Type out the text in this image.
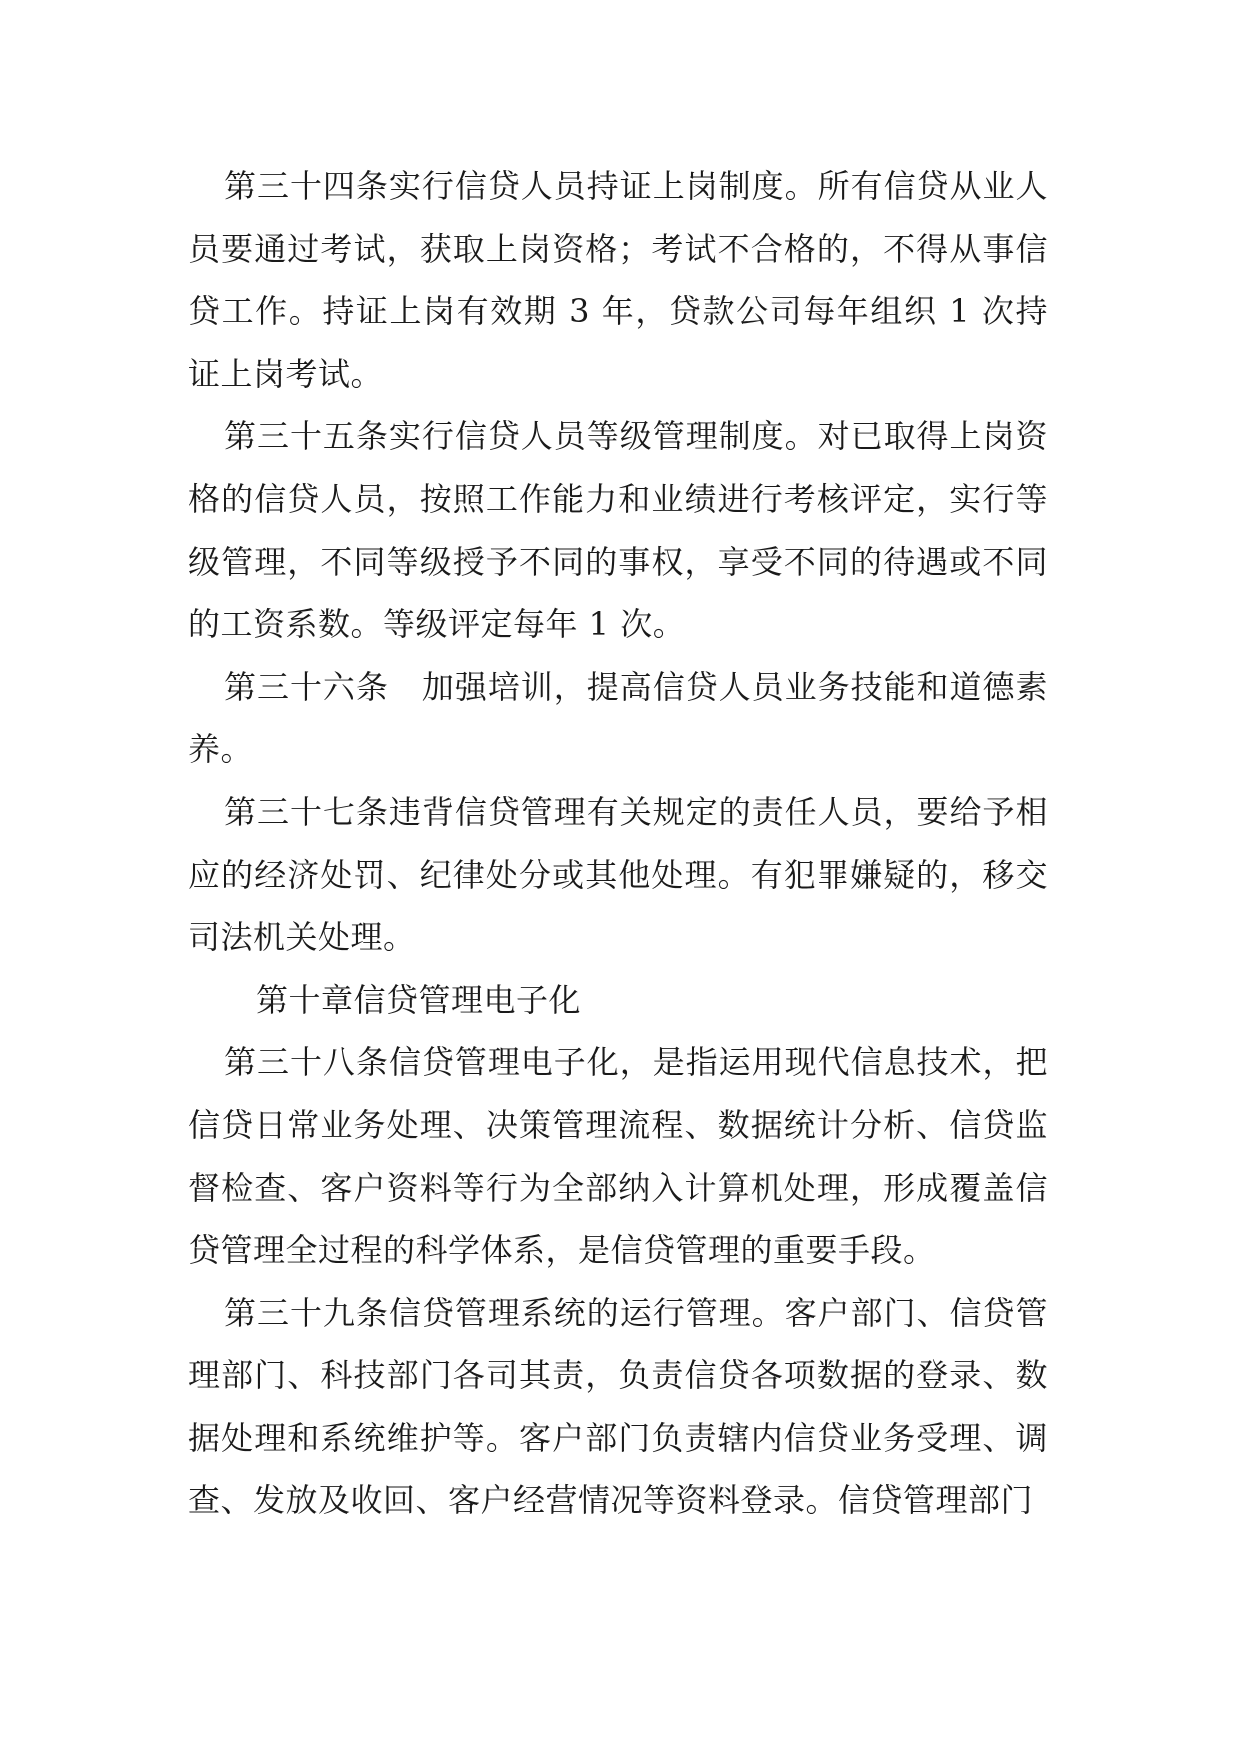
第三十四条实行信贷人员持证上岗制度。所有信贷从业人员要通过考试，获取上岗资格；考试不合格的，不得从事信贷工作。持证上岗有效期 3 年，贷款公司每年组织 1 次持证上岗考试。

第三十五条实行信贷人员等级管理制度。对已取得上岗资格的信贷人员，按照工作能力和业绩进行考核评定，实行等级管理，不同等级授予不同的事权，享受不同的待遇或不同的工资系数。等级评定每年 1 次。

第三十六条　加强培训，提高信贷人员业务技能和道德素养。

第三十七条违背信贷管理有关规定的责任人员，要给予相应的经济处罚、纪律处分或其他处理。有犯罪嫌疑的，移交司法机关处理。

第十章信贷管理电子化

第三十八条信贷管理电子化，是指运用现代信息技术，把信贷日常业务处理、决策管理流程、数据统计分析、信贷监督检查、客户资料等行为全部纳入计算机处理，形成覆盖信贷管理全过程的科学体系，是信贷管理的重要手段。

第三十九条信贷管理系统的运行管理。客户部门、信贷管理部门、科技部门各司其责，负责信贷各项数据的登录、数据处理和系统维护等。客户部门负责辖内信贷业务受理、调查、发放及收回、客户经营情况等资料登录。信贷管理部门
